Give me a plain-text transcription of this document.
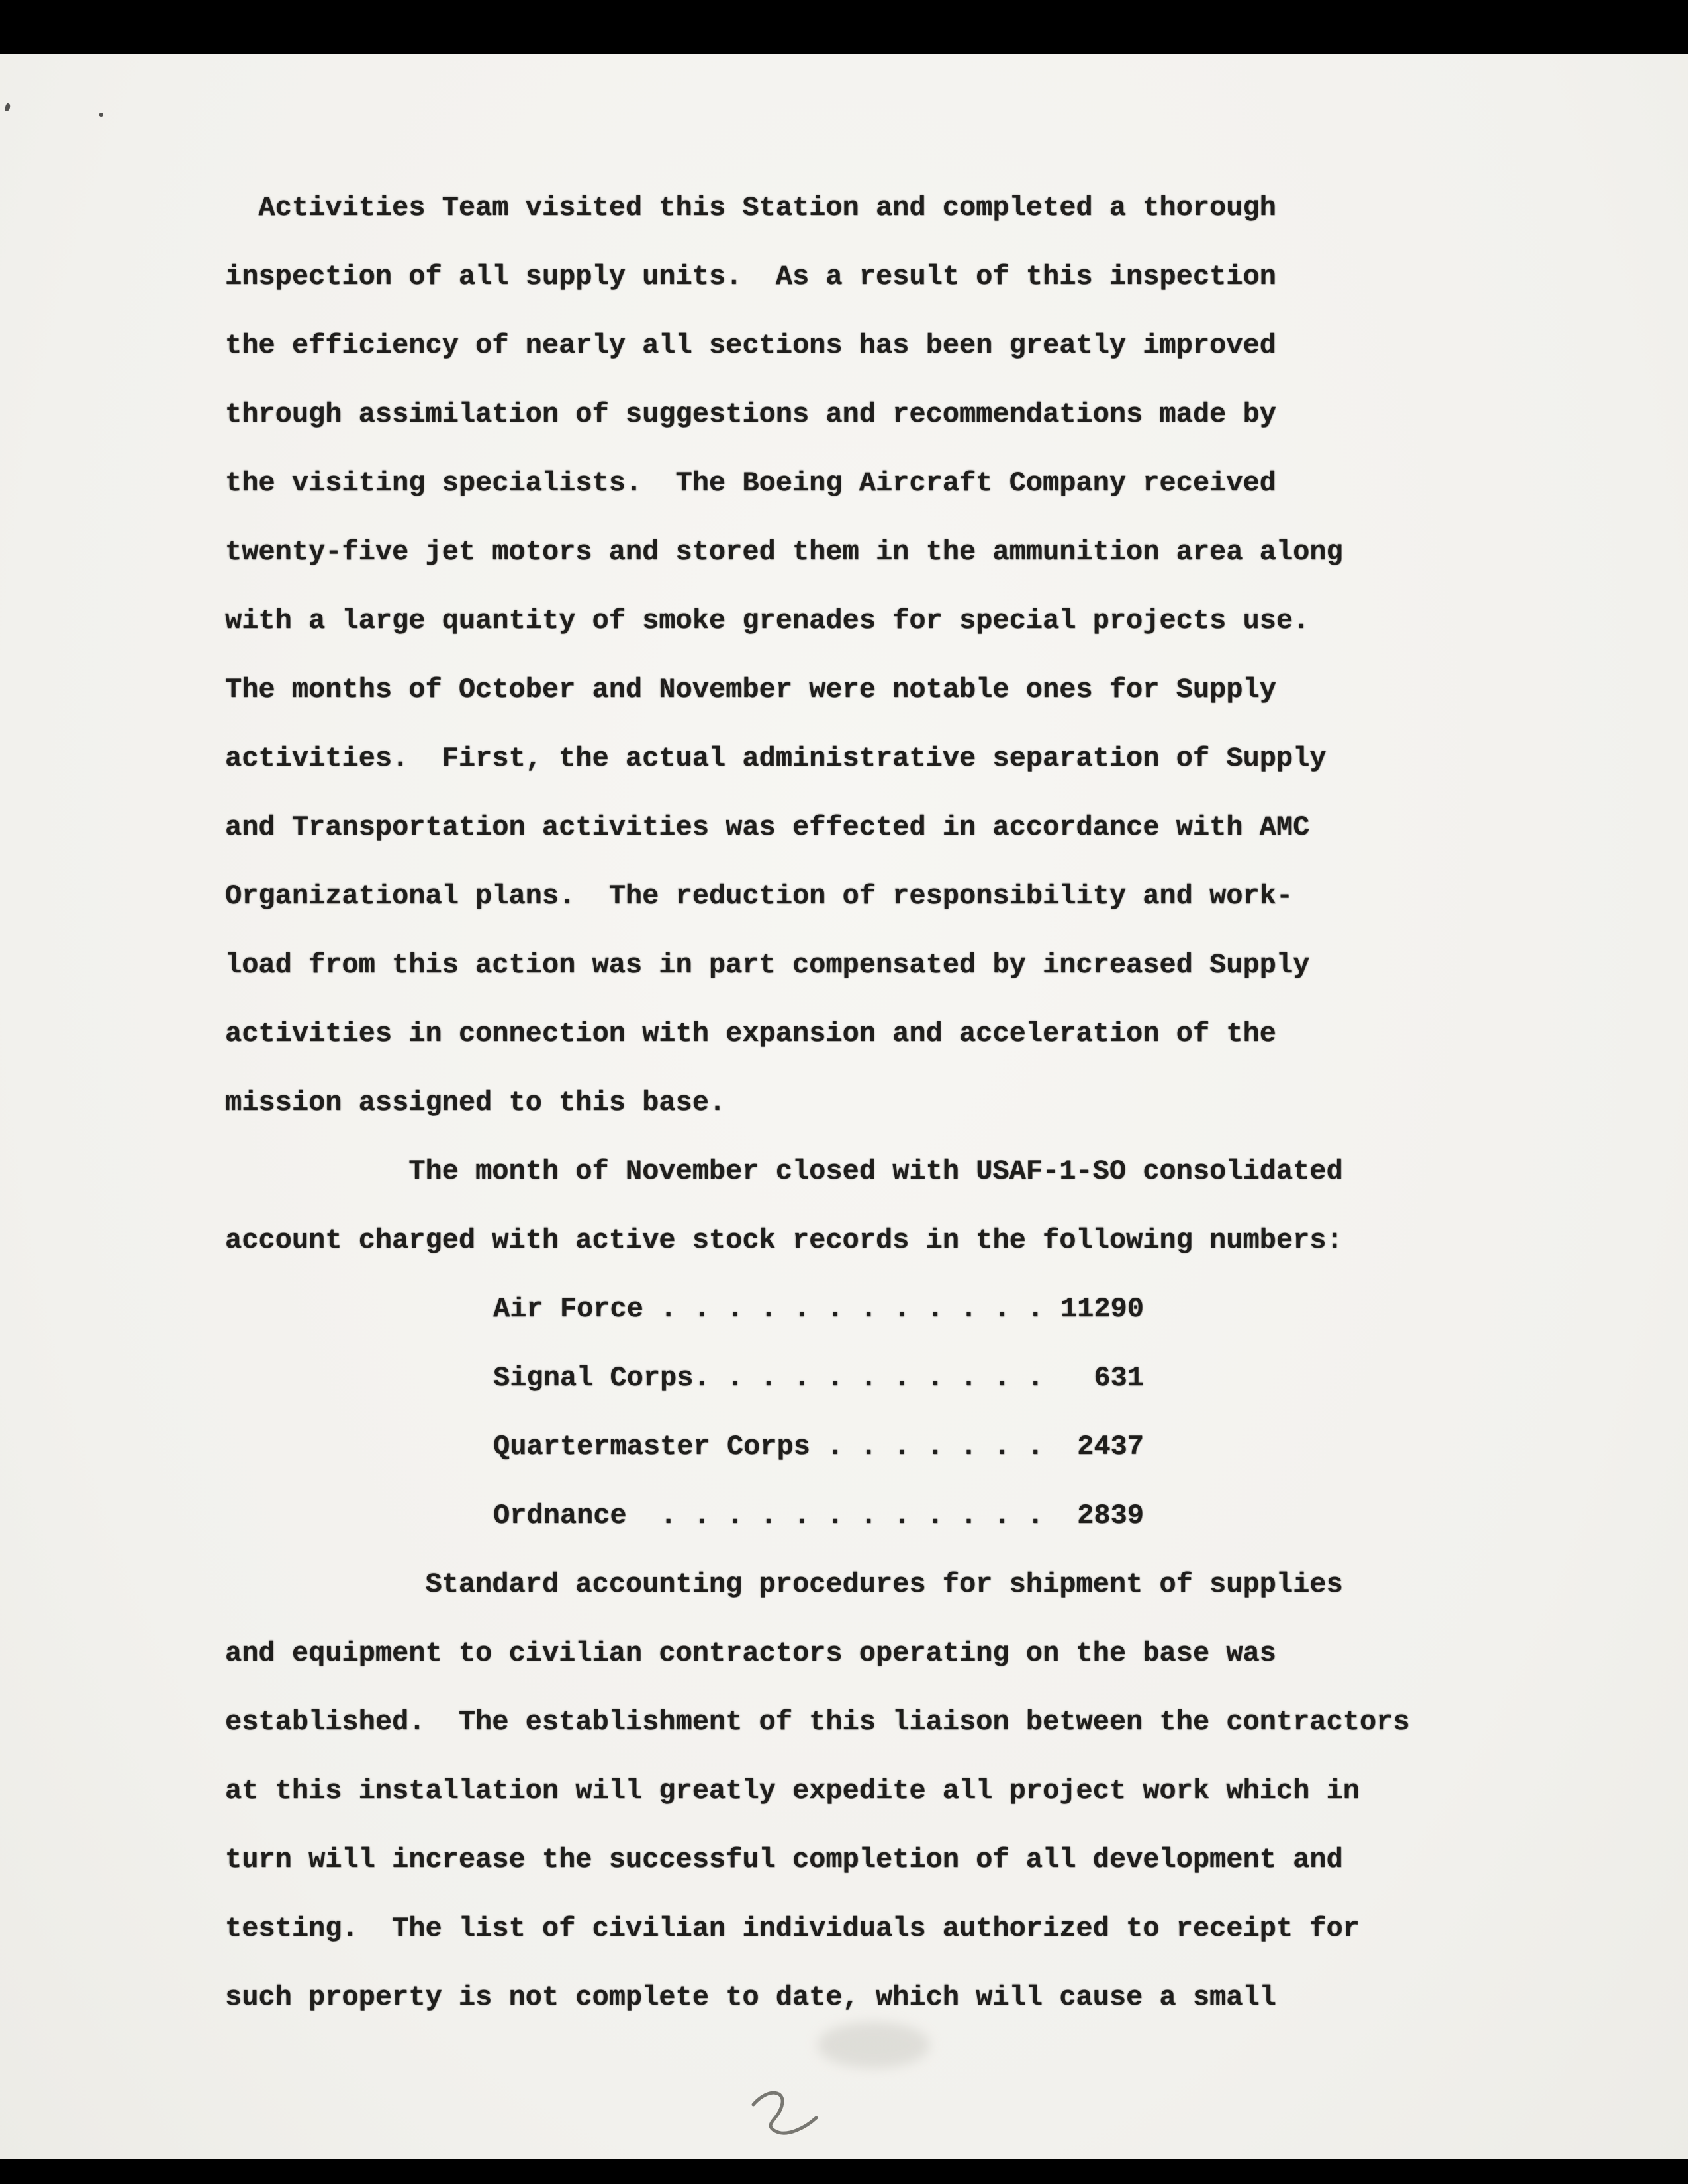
Activities Team visited this Station and completed a thorough
inspection of all supply units.  As a result of this inspection
the efficiency of nearly all sections has been greatly improved
through assimilation of suggestions and recommendations made by
the visiting specialists.  The Boeing Aircraft Company received
twenty-five jet motors and stored them in the ammunition area along
with a large quantity of smoke grenades for special projects use.
The months of October and November were notable ones for Supply
activities.  First, the actual administrative separation of Supply
and Transportation activities was effected in accordance with AMC
Organizational plans.  The reduction of responsibility and work-
load from this action was in part compensated by increased Supply
activities in connection with expansion and acceleration of the
mission assigned to this base.
The month of November closed with USAF-1-SO consolidated
account charged with active stock records in the following numbers:
Air Force . . . . . . . . . . . . 11290
Signal Corps. . . . . . . . . . .   631
Quartermaster Corps . . . . . . .  2437
Ordnance  . . . . . . . . . . . .  2839
Standard accounting procedures for shipment of supplies
and equipment to civilian contractors operating on the base was
established.  The establishment of this liaison between the contractors
at this installation will greatly expedite all project work which in
turn will increase the successful completion of all development and
testing.  The list of civilian individuals authorized to receipt for
such property is not complete to date, which will cause a small
